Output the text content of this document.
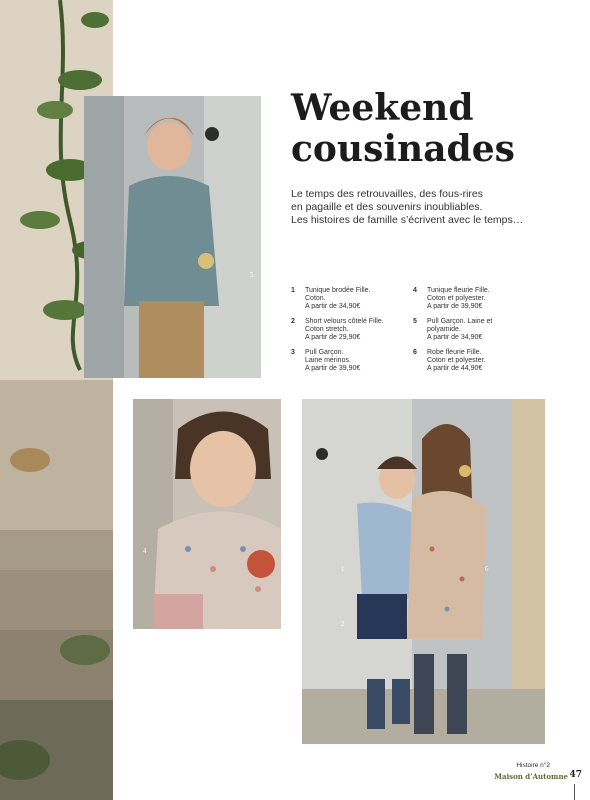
5
Weekend
cousinades
Le temps des retrouvailles, des fous-rires
en pagaille et des souvenirs inoubliables.
Les histoires de famille s’écrivent avec le temps…
1 Tunique brodée Fille.
Coton.
A partir de 34,90€
2 Short velours côtelé Fille.
Coton stretch.
A partir de 29,90€
3 Pull Garçon.
Laine mérinos.
A partir de 39,90€
4 Tunique fleurie Fille.
Coton et polyester.
A partir de 39,90€
5 Pull Garçon. Laine et
polyamide.
A partir de 34,90€
6 Robe fleurie Fille.
Coton et polyester.
A partir de 44,90€
4
1
2
6
Histoire n°2
Maison d’Automne 47
